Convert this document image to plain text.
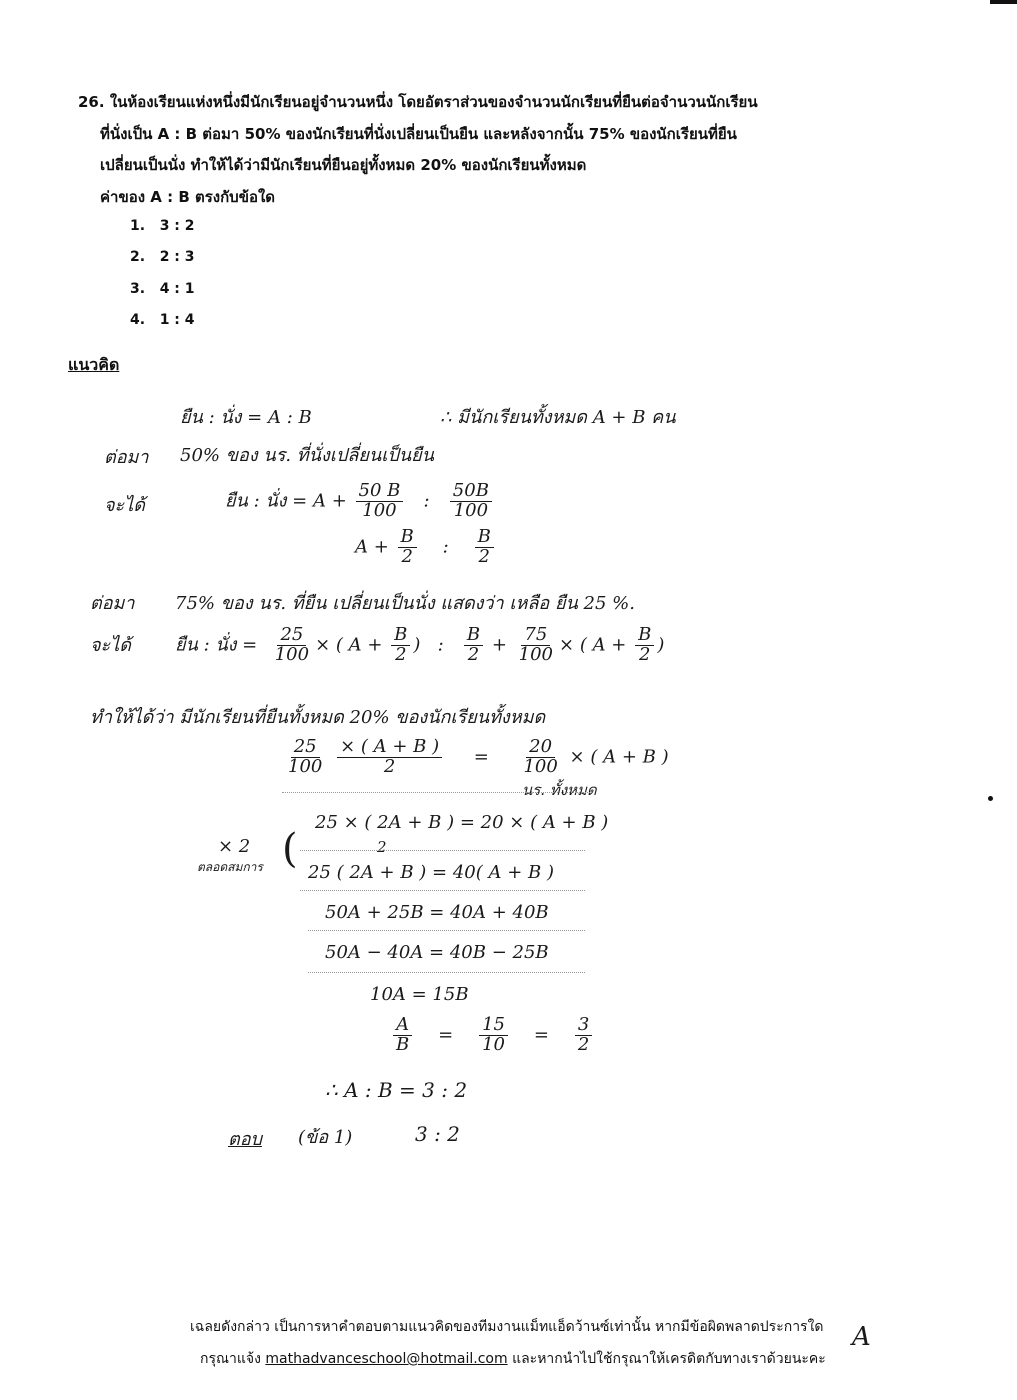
26. ในห้องเรียนแห่งหนึ่งมีนักเรียนอยู่จำนวนหนึ่ง โดยอัตราส่วนของจำนวนนักเรียนที่ยืนต่อจำนวนนักเรียน
ที่นั่งเป็น A : B ต่อมา 50% ของนักเรียนที่นั่งเปลี่ยนเป็นยืน และหลังจากนั้น 75% ของนักเรียนที่ยืน
เปลี่ยนเป็นนั่ง ทำให้ได้ว่ามีนักเรียนที่ยืนอยู่ทั้งหมด 20% ของนักเรียนทั้งหมด
ค่าของ A : B ตรงกับข้อใด
1. 3 : 2
2. 2 : 3
3. 4 : 1
4. 1 : 4
แนวคิด
ยืน : นั่ง = A : B	∴ มีนักเรียนทั้งหมด A + B คน
ต่อมา 50% ของ นร. ที่นั่งเปลี่ยนเป็นยืน
จะได้	ยืน : นั่ง = $A + \frac{50 B}{100}$ : $\frac{50B}{100}$
$A + \frac{B}{2}$ : $\frac{B}{2}$
ต่อมา 75% ของ นร. ที่ยืน เปลี่ยนเป็นนั่ง แสดงว่า เหลือ ยืน 25 %.
จะได้ ยืน : นั่ง = $\frac{25}{100}$ × ( $A + \frac{B}{2}$ ) : $\frac{B}{2} + \frac{75}{100}$ × ( $A + \frac{B}{2}$ )
ทำให้ได้ว่า มีนักเรียนที่ยืนทั้งหมด 20% ของนักเรียนทั้งหมด
$\frac{25}{100}$
$\frac{\times ( A + B )}{2} = \frac{20}{100}$ × ( A + B )
นร. ทั้งหมด
25 × ( 2A + B ) = 20 × ( A + B )
2
× 2
ตลอดสมการ (
25 ( 2A + B ) = 40( A + B )
50A + 25B = 40A + 40B
50A − 40A = 40B − 25B
10A = 15B
$\frac{A}{B} = \frac{15}{10} = \frac{3}{2}$
∴ A : B = 3 : 2
ตอบ (ข้อ 1)	3 : 2
เฉลยดังกล่าว เป็นการหาคำตอบตามแนวคิดของทีมงานแม็ทแอ็ดว้านซ์เท่านั้น หากมีข้อผิดพลาดประการใด
กรุณาแจ้ง mathadvanceschool@hotmail.com และหากนำไปใช้กรุณาให้เครดิตกับทางเราด้วยนะคะ
A
